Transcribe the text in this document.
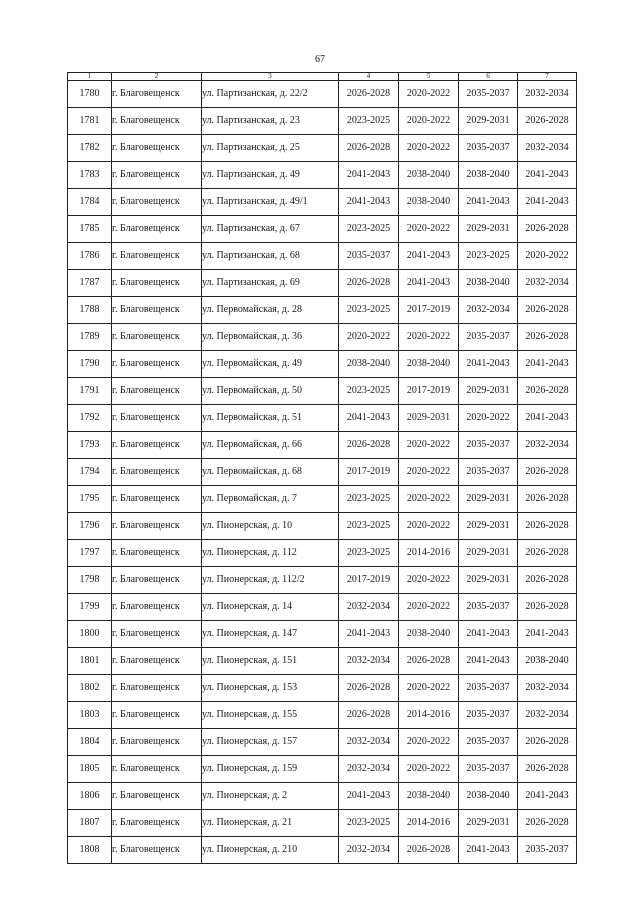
67
1	2	3	4	5	6	7
1780	г. Благовещенск	ул. Партизанская, д. 22/2	2026-2028	2020-2022	2035-2037	2032-2034
1781	г. Благовещенск	ул. Партизанская, д. 23	2023-2025	2020-2022	2029-2031	2026-2028
1782	г. Благовещенск	ул. Партизанская, д. 25	2026-2028	2020-2022	2035-2037	2032-2034
1783	г. Благовещенск	ул. Партизанская, д. 49	2041-2043	2038-2040	2038-2040	2041-2043
1784	г. Благовещенск	ул. Партизанская, д. 49/1	2041-2043	2038-2040	2041-2043	2041-2043
1785	г. Благовещенск	ул. Партизанская, д. 67	2023-2025	2020-2022	2029-2031	2026-2028
1786	г. Благовещенск	ул. Партизанская, д. 68	2035-2037	2041-2043	2023-2025	2020-2022
1787	г. Благовещенск	ул. Партизанская, д. 69	2026-2028	2041-2043	2038-2040	2032-2034
1788	г. Благовещенск	ул. Первомайская, д. 28	2023-2025	2017-2019	2032-2034	2026-2028
1789	г. Благовещенск	ул. Первомайская, д. 36	2020-2022	2020-2022	2035-2037	2026-2028
1790	г. Благовещенск	ул. Первомайская, д. 49	2038-2040	2038-2040	2041-2043	2041-2043
1791	г. Благовещенск	ул. Первомайская, д. 50	2023-2025	2017-2019	2029-2031	2026-2028
1792	г. Благовещенск	ул. Первомайская, д. 51	2041-2043	2029-2031	2020-2022	2041-2043
1793	г. Благовещенск	ул. Первомайская, д. 66	2026-2028	2020-2022	2035-2037	2032-2034
1794	г. Благовещенск	ул. Первомайская, д. 68	2017-2019	2020-2022	2035-2037	2026-2028
1795	г. Благовещенск	ул. Первомайская, д. 7	2023-2025	2020-2022	2029-2031	2026-2028
1796	г. Благовещенск	ул. Пионерская, д. 10	2023-2025	2020-2022	2029-2031	2026-2028
1797	г. Благовещенск	ул. Пионерская, д. 112	2023-2025	2014-2016	2029-2031	2026-2028
1798	г. Благовещенск	ул. Пионерская, д. 112/2	2017-2019	2020-2022	2029-2031	2026-2028
1799	г. Благовещенск	ул. Пионерская, д. 14	2032-2034	2020-2022	2035-2037	2026-2028
1800	г. Благовещенск	ул. Пионерская, д. 147	2041-2043	2038-2040	2041-2043	2041-2043
1801	г. Благовещенск	ул. Пионерская, д. 151	2032-2034	2026-2028	2041-2043	2038-2040
1802	г. Благовещенск	ул. Пионерская, д. 153	2026-2028	2020-2022	2035-2037	2032-2034
1803	г. Благовещенск	ул. Пионерская, д. 155	2026-2028	2014-2016	2035-2037	2032-2034
1804	г. Благовещенск	ул. Пионерская, д. 157	2032-2034	2020-2022	2035-2037	2026-2028
1805	г. Благовещенск	ул. Пионерская, д. 159	2032-2034	2020-2022	2035-2037	2026-2028
1806	г. Благовещенск	ул. Пионерская, д. 2	2041-2043	2038-2040	2038-2040	2041-2043
1807	г. Благовещенск	ул. Пионерская, д. 21	2023-2025	2014-2016	2029-2031	2026-2028
1808	г. Благовещенск	ул. Пионерская, д. 210	2032-2034	2026-2028	2041-2043	2035-2037
